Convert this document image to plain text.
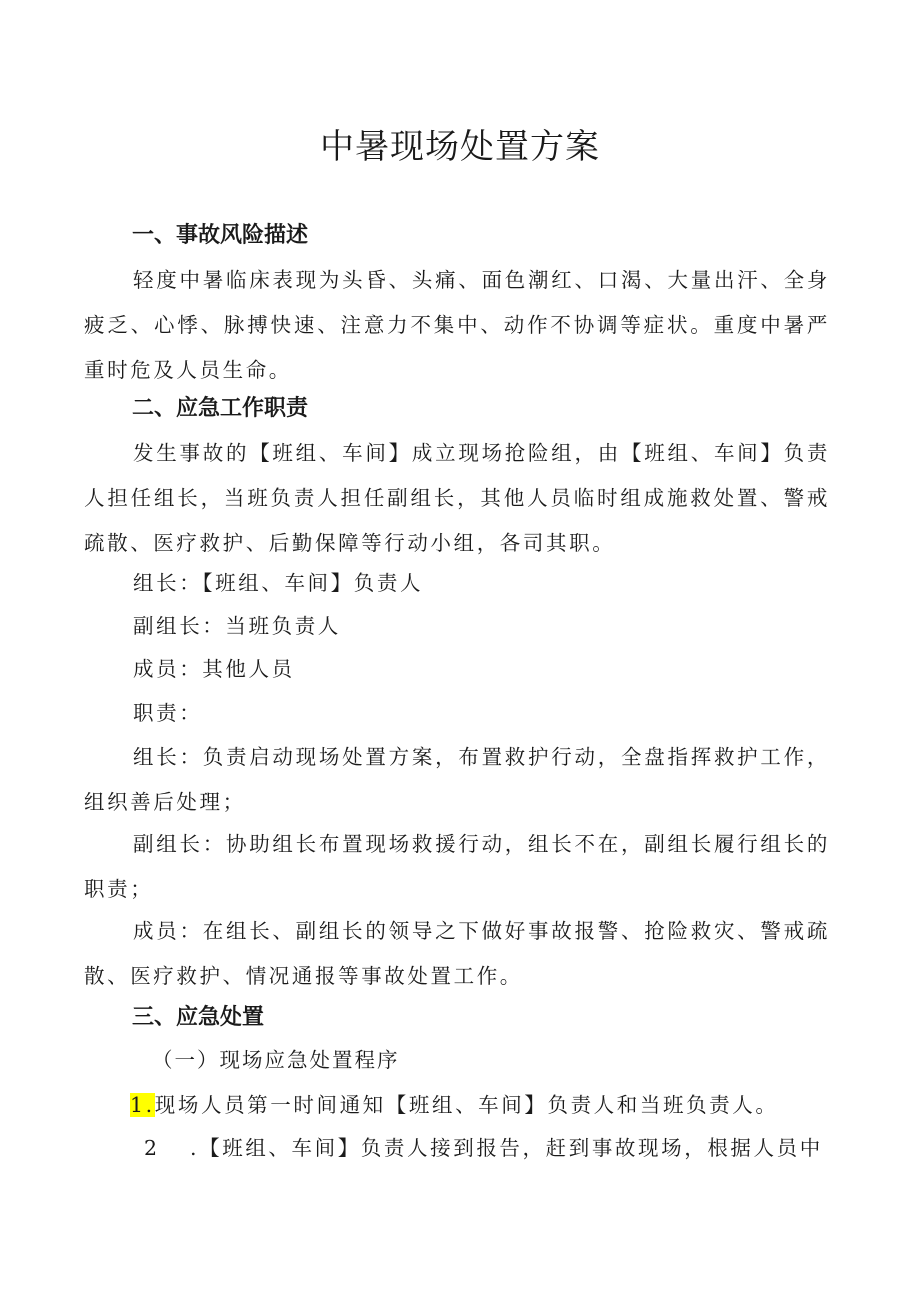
中暑现场处置方案
一、事故风险描述

轻度中暑临床表现为头昏、头痛、面色潮红、口渴、大量出汗、全身疲乏、心悸、脉搏快速、注意力不集中、动作不协调等症状。重度中暑严重时危及人员生命。

二、应急工作职责

发生事故的【班组、车间】成立现场抢险组，由【班组、车间】负责人担任组长，当班负责人担任副组长，其他人员临时组成施救处置、警戒疏散、医疗救护、后勤保障等行动小组，各司其职。

组长：【班组、车间】负责人
副组长：当班负责人
成员：其他人员
职责：

组长：负责启动现场处置方案，布置救护行动，全盘指挥救护工作，组织善后处理；

副组长：协助组长布置现场救援行动，组长不在，副组长履行组长的职责；

成员：在组长、副组长的领导之下做好事故报警、抢险救灾、警戒疏散、医疗救护、情况通报等事故处置工作。

三、应急处置
（一）现场应急处置程序
1.现场人员第一时间通知【班组、车间】负责人和当班负责人。
2 .【班组、车间】负责人接到报告，赶到事故现场，根据人员中
